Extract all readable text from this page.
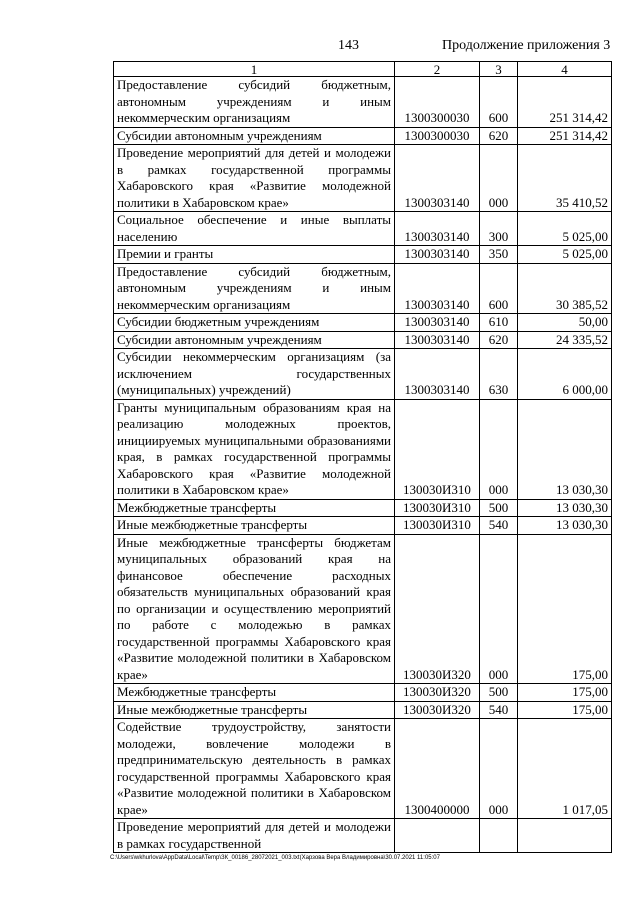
143	Продолжение приложения 3
1	2	3	4
Предоставление субсидий бюджетным, автономным учреждениям и иным некоммерческим организациям	1300300030	600	251 314,42
Субсидии автономным учреждениям	1300300030	620	251 314,42
Проведение мероприятий для детей и молодежи в рамках государственной программы Хабаровского края «Развитие молодежной политики в Хабаровском крае»	1300303140	000	35 410,52
Социальное обеспечение и иные выплаты населению	1300303140	300	5 025,00
Премии и гранты	1300303140	350	5 025,00
Предоставление субсидий бюджетным, автономным учреждениям и иным некоммерческим организациям	1300303140	600	30 385,52
Субсидии бюджетным учреждениям	1300303140	610	50,00
Субсидии автономным учреждениям	1300303140	620	24 335,52
Субсидии некоммерческим организациям (за исключением государственных (муниципальных) учреждений)	1300303140	630	6 000,00
Гранты муниципальным образованиям края на реализацию молодежных проектов, инициируемых муниципальными образованиями края, в рамках государственной программы Хабаровского края «Развитие молодежной политики в Хабаровском крае»	130030И310	000	13 030,30
Межбюджетные трансферты	130030И310	500	13 030,30
Иные межбюджетные трансферты	130030И310	540	13 030,30
Иные межбюджетные трансферты бюджетам муниципальных образований края на финансовое обеспечение расходных обязательств муниципальных образований края по организации и осуществлению мероприятий по работе с молодежью в рамках государственной программы Хабаровского края «Развитие молодежной политики в Хабаровском крае»	130030И320	000	175,00
Межбюджетные трансферты	130030И320	500	175,00
Иные межбюджетные трансферты	130030И320	540	175,00
Содействие трудоустройству, занятости молодежи, вовлечение молодежи в предпринимательскую деятельность в рамках государственной программы Хабаровского края «Развитие молодежной политики в Хабаровском крае»	1300400000	000	1 017,05
Проведение мероприятий для детей и молодежи в рамках государственной			
C:\Users\wkhurlova\AppData\Local\Temp\ЗК_00186_28072021_003.txt(Харзова Вера Владимировна\30.07.2021 11:05:07
